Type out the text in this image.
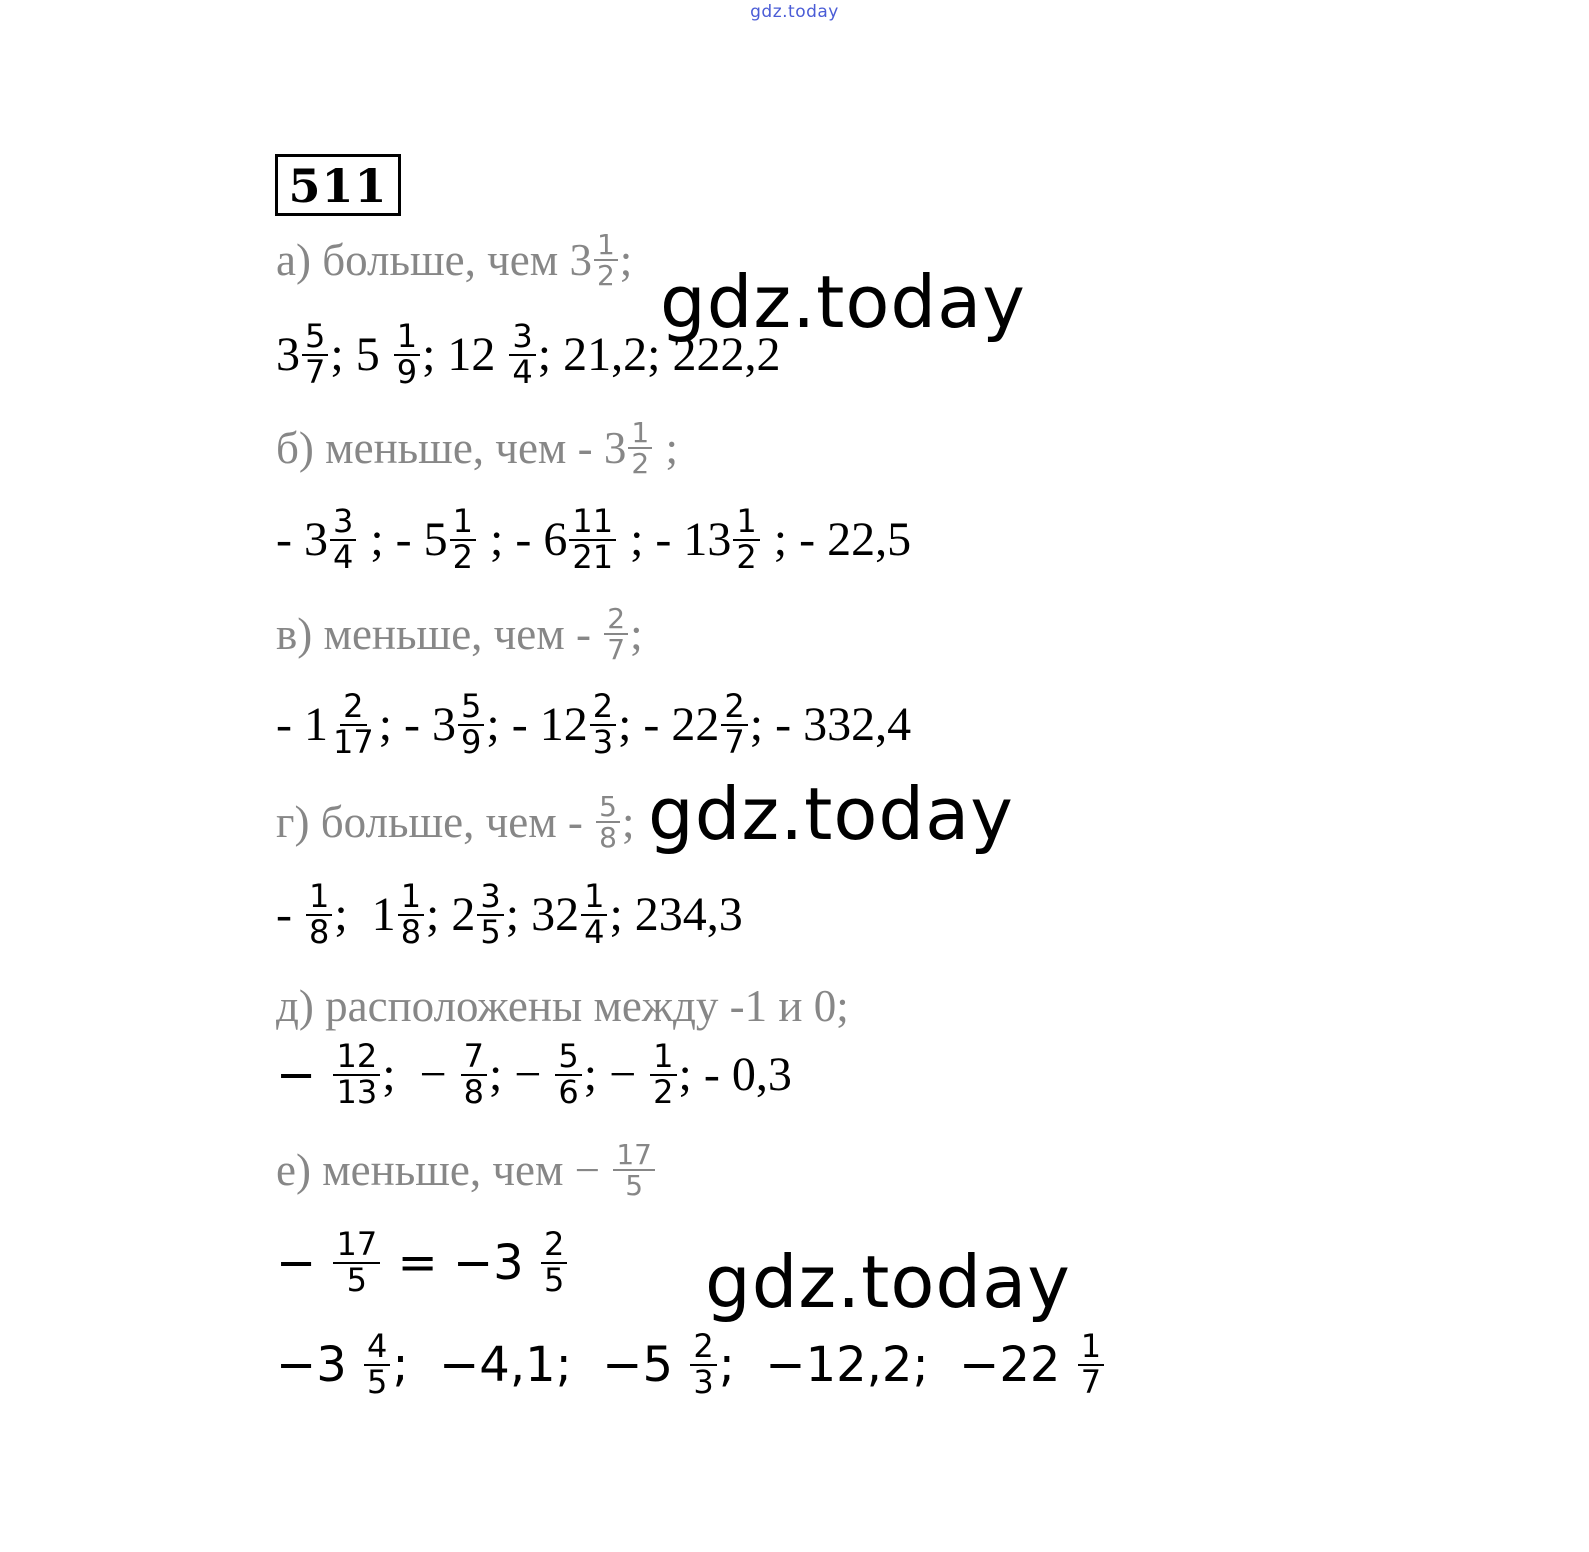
gdz.today
511
а) больше, чем $3 \frac{1}{2}$ ;
$3 \frac{5}{7}$ ; $5 \frac{1}{9}$ ; $12 \frac{3}{4}$ ; 21,2; 222,2
б) меньше, чем - $3 \frac{1}{2}$ ;
- $3 \frac{3}{4}$ ; - $5 \frac{1}{2}$ ; - $6 \frac{11}{21}$ ; - $13 \frac{1}{2}$ ; - 22,5
в) меньше, чем - $\frac{2}{7}$ ;
- $1 \frac{2}{17}$ ; - $3 \frac{5}{9}$ ; - $12 \frac{2}{3}$ ; - $22 \frac{2}{7}$ ; - 332,4
г) больше, чем - $\frac{5}{8}$ ;
- $\frac{1}{8}$ ;  $1 \frac{1}{8}$ ; $2 \frac{3}{5}$ ; $32 \frac{1}{4}$ ; 234,3
д) расположены между -1 и 0;
− $\frac{12}{13}$ ;  − $\frac{7}{8}$ ; − $\frac{5}{6}$ ; − $\frac{1}{2}$ ; - 0,3
е) меньше, чем − $\frac{17}{5}$
− $\frac{17}{5} = -3 \frac{2}{5}$
$-3 \frac{4}{5}$ ;  −4,1;  $-5 \frac{2}{3}$ ;  −12,2;  $-22 \frac{1}{7}$
gdz.today
gdz.today
gdz.today
